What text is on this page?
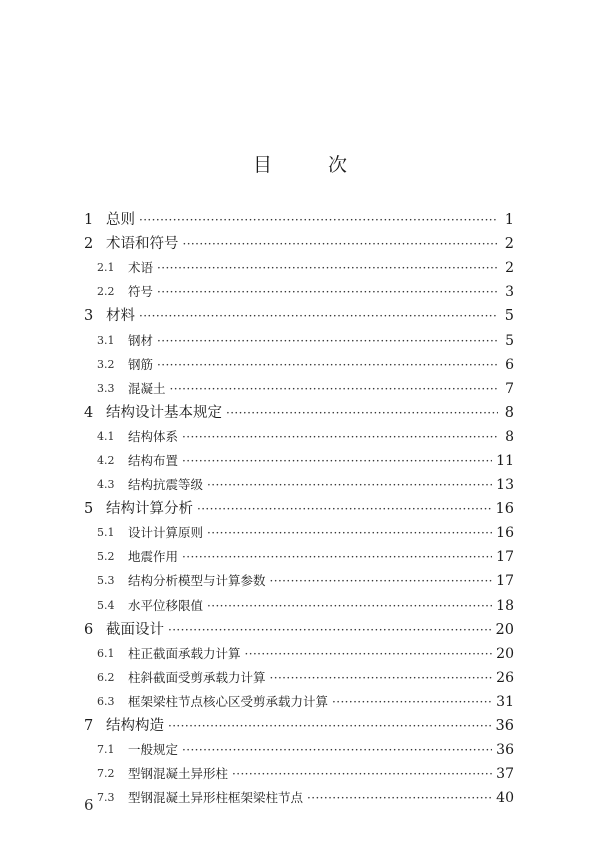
目	次
1 总则 ·····	1
2 术语和符号 ·····	2
2.1	术语 ·····	2
2.2	符号 ·····	3
3 材料 ·····	5
3.1	钢材 ·····	5
3.2	钢筋 ·····	6
3.3	混凝土 ·····	7
4 结构设计基本规定 ·····	8
4.1	结构体系 ·····	8
4.2	结构布置 ·····	11
4.3	结构抗震等级 ·····	13
5 结构计算分析 ·····	16
5.1	设计计算原则 ·····	16
5.2	地震作用 ·····	17
5.3	结构分析模型与计算参数 ·····	17
5.4	水平位移限值 ·····	18
6 截面设计 ·····	20
6.1	柱正截面承载力计算 ·····	20
6.2	柱斜截面受剪承载力计算 ·····	26
6.3	框架梁柱节点核心区受剪承载力计算 ·····	31
7 结构构造 ·····	36
7.1	一般规定 ·····	36
7.2	型钢混凝土异形柱 ·····	37
7.3	型钢混凝土异形柱框架梁柱节点 ·····	40
6
